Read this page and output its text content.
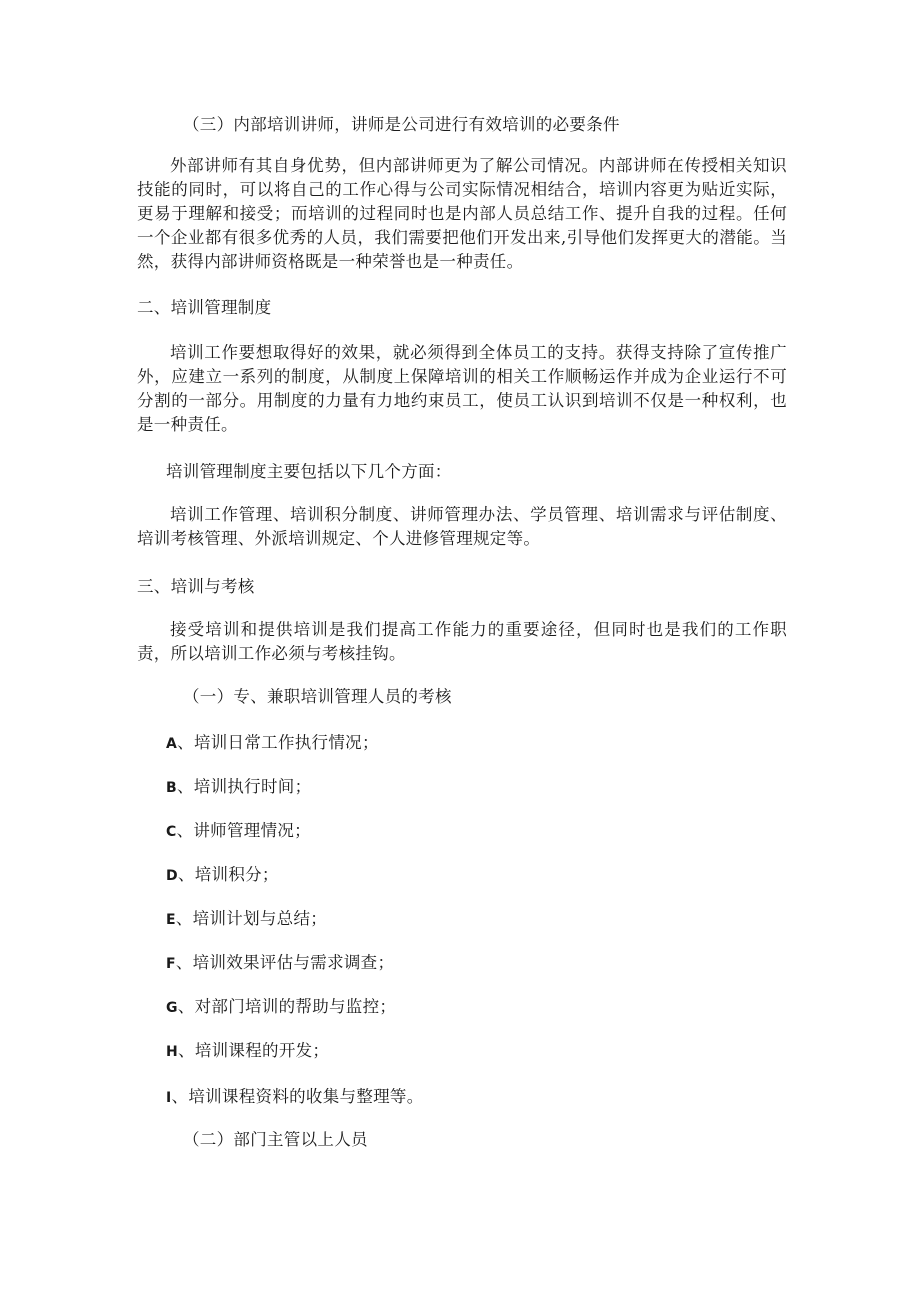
（三）内部培训讲师，讲师是公司进行有效培训的必要条件
外部讲师有其自身优势，但内部讲师更为了解公司情况。内部讲师在传授相关知识技能的同时，可以将自己的工作心得与公司实际情况相结合，培训内容更为贴近实际，更易于理解和接受；而培训的过程同时也是内部人员总结工作、提升自我的过程。任何一个企业都有很多优秀的人员，我们需要把他们开发出来,引导他们发挥更大的潜能。当然，获得内部讲师资格既是一种荣誉也是一种责任。
二、培训管理制度
培训工作要想取得好的效果，就必须得到全体员工的支持。获得支持除了宣传推广外，应建立一系列的制度，从制度上保障培训的相关工作顺畅运作并成为企业运行不可分割的一部分。用制度的力量有力地约束员工，使员工认识到培训不仅是一种权利，也是一种责任。
培训管理制度主要包括以下几个方面：
培训工作管理、培训积分制度、讲师管理办法、学员管理、培训需求与评估制度、培训考核管理、外派培训规定、个人进修管理规定等。
三、培训与考核
接受培训和提供培训是我们提高工作能力的重要途径，但同时也是我们的工作职责，所以培训工作必须与考核挂钩。
（一）专、兼职培训管理人员的考核
A、培训日常工作执行情况；
B、培训执行时间；
C、讲师管理情况；
D、培训积分；
E、培训计划与总结；
F、培训效果评估与需求调查；
G、对部门培训的帮助与监控；
H、培训课程的开发；
I、培训课程资料的收集与整理等。
（二）部门主管以上人员
